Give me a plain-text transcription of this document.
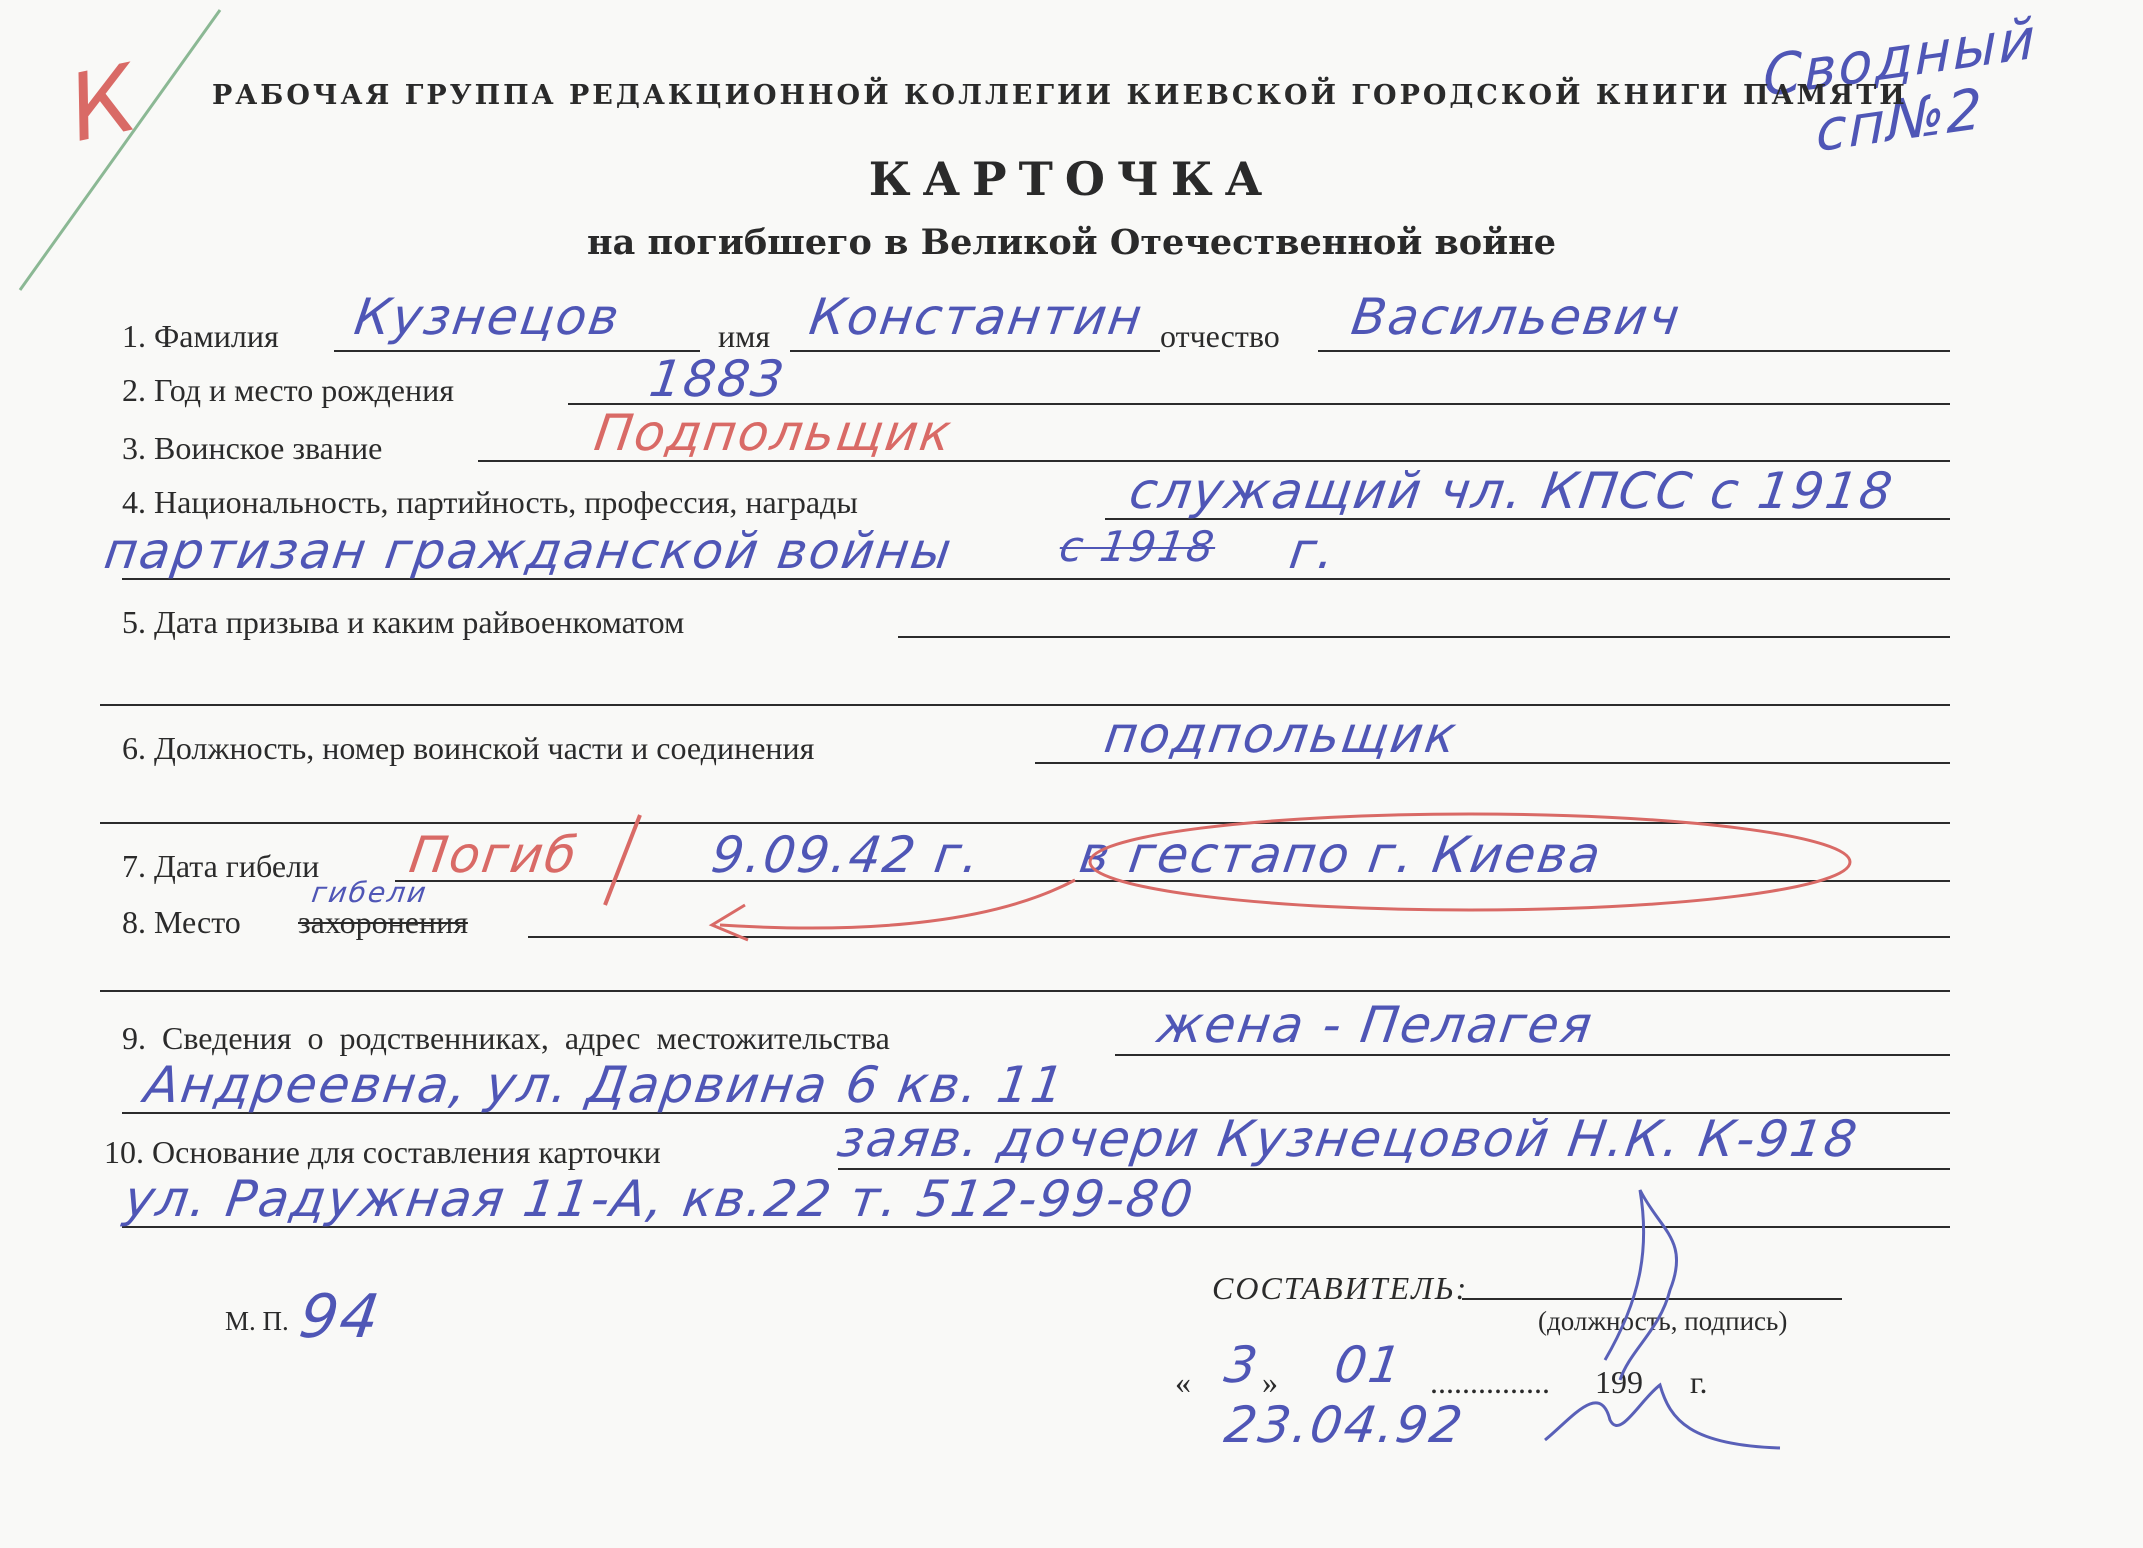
К	Сводный сп№2
РАБОЧАЯ ГРУППА РЕДАКЦИОННОЙ КОЛЛЕГИИ КИЕВСКОЙ ГОРОДСКОЙ КНИГИ ПАМЯТИ
КАРТОЧКА
на погибшего в Великой Отечественной войне
1. Фамилия Кузнецов	имя Константин отчество Васильевич
2. Год и место рождения	1883
3. Воинское звание	Подпольщик
4. Национальность, партийность, профессия, награды	служащий чл. КПСС с 1918
партизан гражданской войны с 1918 г.
5. Дата призыва и каким райвоенкоматом
6. Должность, номер воинской части и соединения	подпольщик
7. Дата гибели Погиб	9.09.42 г. в гестапо г. Киева
8. Место захоронения
гибели
9. Сведения о родственниках, адрес местожительства	жена - Пелагея
Андреевна, ул. Дарвина 6 кв. 11
10. Основание для составления карточки	заяв. дочери Кузнецовой Н.К. К-918
ул. Радужная 11-А, кв.22 т. 512-99-80
М. П. 94	СОСТАВИТЕЛЬ:
(должность, подпись)
« 3 » 01 ............... 199 г.
23.04.92
